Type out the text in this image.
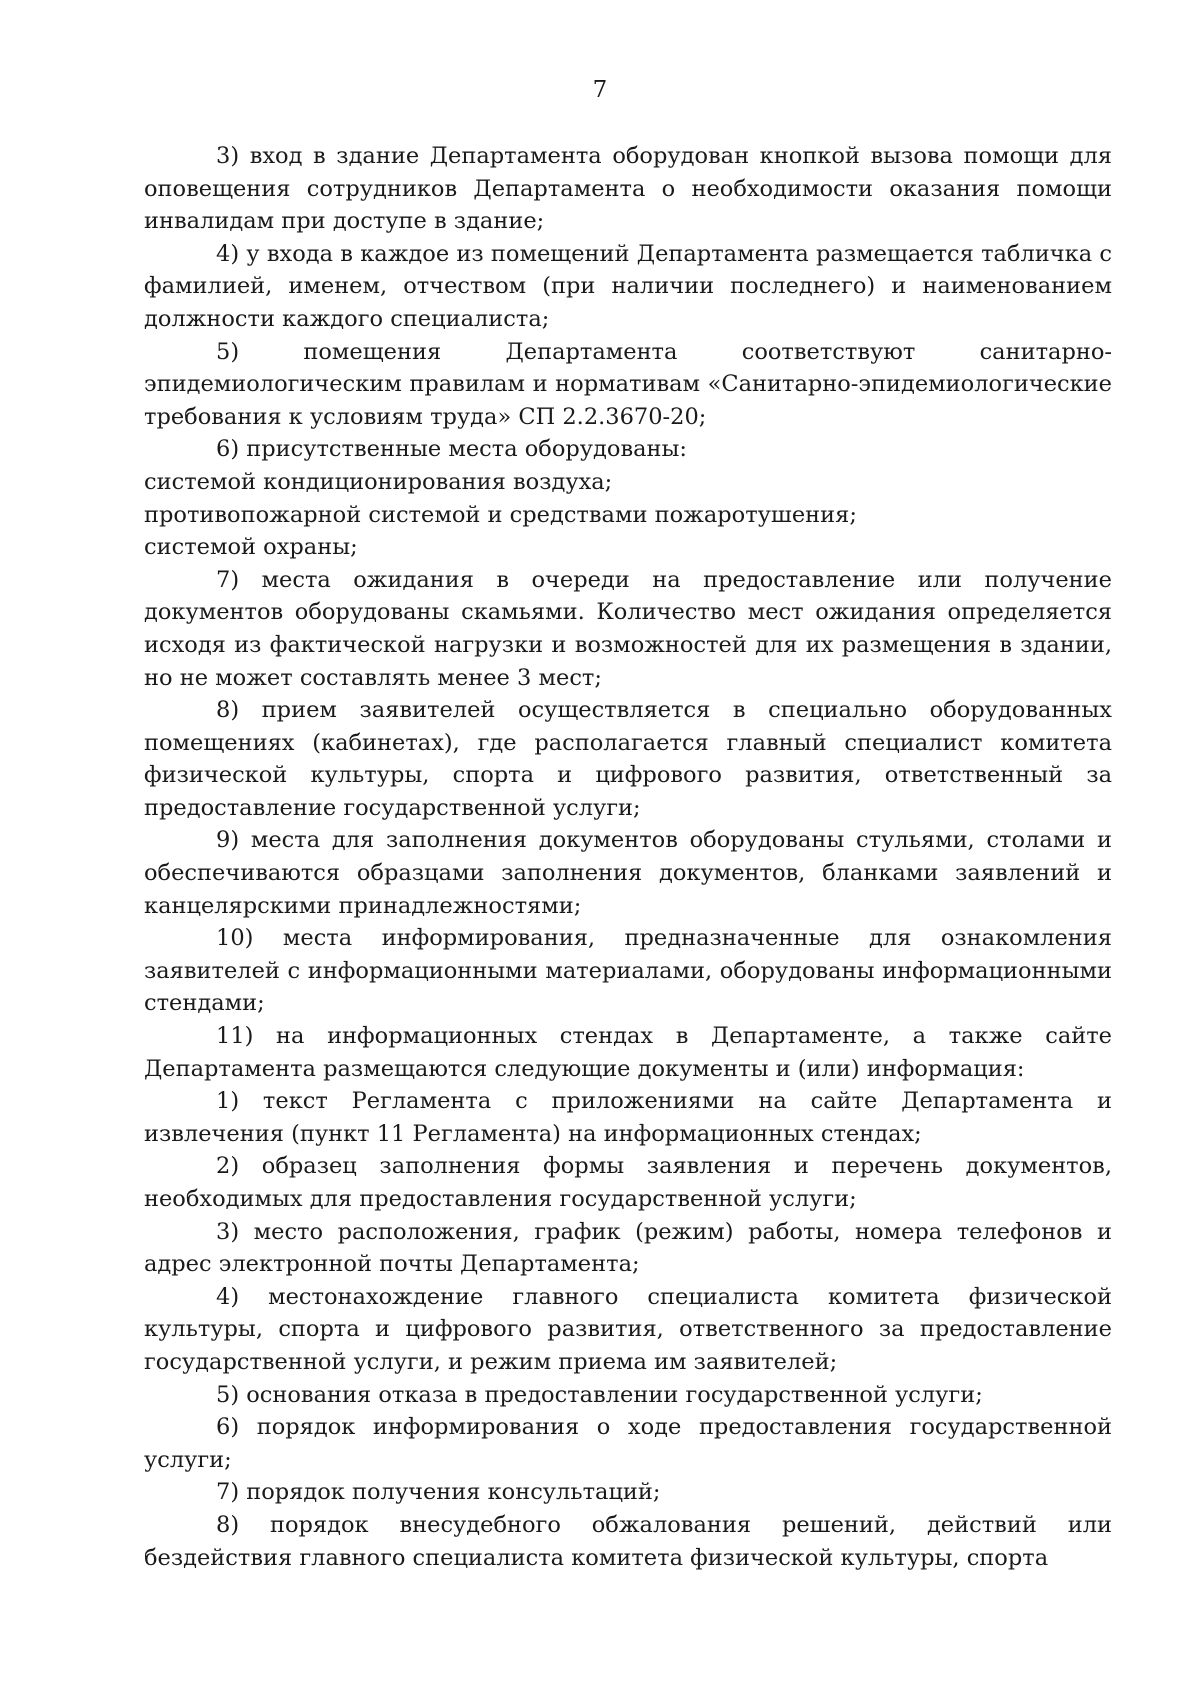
7

3) вход в здание Департамента оборудован кнопкой вызова помощи для оповещения сотрудников Департамента о необходимости оказания помощи инвалидам при доступе в здание;

4) у входа в каждое из помещений Департамента размещается табличка с фамилией, именем, отчеством (при наличии последнего) и наименованием должности каждого специалиста;

5) помещения Департамента соответствуют санитарно-эпидемиологическим правилам и нормативам «Санитарно-эпидемиологические требования к условиям труда» СП 2.2.3670-20;

6) присутственные места оборудованы:

системой кондиционирования воздуха;

противопожарной системой и средствами пожаротушения;

системой охраны;

7) места ожидания в очереди на предоставление или получение документов оборудованы скамьями. Количество мест ожидания определяется исходя из фактической нагрузки и возможностей для их размещения в здании, но не может составлять менее 3 мест;

8) прием заявителей осуществляется в специально оборудованных помещениях (кабинетах), где располагается главный специалист комитета физической культуры, спорта и цифрового развития, ответственный за предоставление государственной услуги;

9) места для заполнения документов оборудованы стульями, столами и обеспечиваются образцами заполнения документов, бланками заявлений и канцелярскими принадлежностями;

10) места информирования, предназначенные для ознакомления заявителей с информационными материалами, оборудованы информационными стендами;

11) на информационных стендах в Департаменте, а также сайте Департамента размещаются следующие документы и (или) информация:

1) текст Регламента с приложениями на сайте Департамента и извлечения (пункт 11 Регламента) на информационных стендах;

2) образец заполнения формы заявления и перечень документов, необходимых для предоставления государственной услуги;

3) место расположения, график (режим) работы, номера телефонов и адрес электронной почты Департамента;

4) местонахождение главного специалиста комитета физической культуры, спорта и цифрового развития, ответственного за предоставление государственной услуги, и режим приема им заявителей;

5) основания отказа в предоставлении государственной услуги;

6) порядок информирования о ходе предоставления государственной услуги;

7) порядок получения консультаций;

8) порядок внесудебного обжалования решений, действий или бездействия главного специалиста комитета физической культуры, спорта
